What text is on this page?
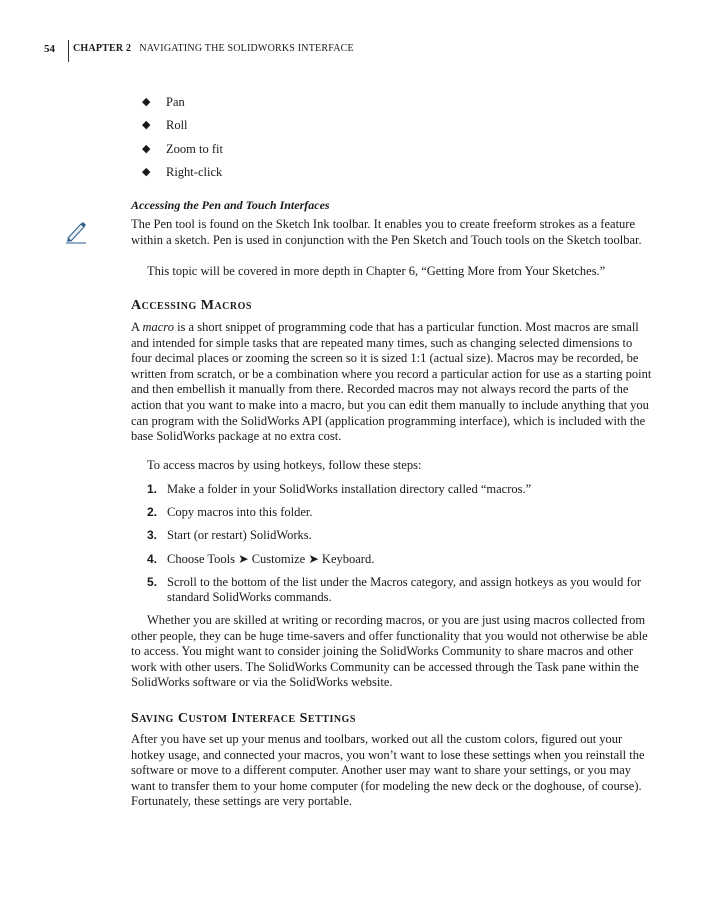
54 CHAPTER 2 NAVIGATING THE SOLIDWORKS INTERFACE
◆ Pan
◆ Roll
◆ Zoom to fit
◆ Right-click
Accessing the Pen and Touch Interfaces

The Pen tool is found on the Sketch Ink toolbar. It enables you to create freeform strokes as a feature within a sketch. Pen is used in conjunction with the Pen Sketch and Touch tools on the Sketch toolbar.

This topic will be covered in more depth in Chapter 6, “Getting More from Your Sketches.”

Accessing Macros

A macro is a short snippet of programming code that has a particular function. Most macros are small and intended for simple tasks that are repeated many times, such as changing selected dimensions to four decimal places or zooming the screen so it is sized 1:1 (actual size). Macros may be recorded, be written from scratch, or be a combination where you record a particular action for use as a starting point and then embellish it manually from there. Recorded macros may not always record the parts of the action that you want to make into a macro, but you can edit them manually to include anything that you can program with the SolidWorks API (application programming interface), which is included with the base SolidWorks package at no extra cost.

To access macros by using hotkeys, follow these steps:

1. Make a folder in your SolidWorks installation directory called “macros.”
2. Copy macros into this folder.
3. Start (or restart) SolidWorks.
4. Choose Tools ➤ Customize ➤ Keyboard.
5. Scroll to the bottom of the list under the Macros category, and assign hotkeys as you would for standard SolidWorks commands.

Whether you are skilled at writing or recording macros, or you are just using macros collected from other people, they can be huge time-savers and offer functionality that you would not otherwise be able to access. You might want to consider joining the SolidWorks Community to share macros and other work with other users. The SolidWorks Community can be accessed through the Task pane within the SolidWorks software or via the SolidWorks website.

Saving Custom Interface Settings

After you have set up your menus and toolbars, worked out all the custom colors, figured out your hotkey usage, and connected your macros, you won’t want to lose these settings when you reinstall the software or move to a different computer. Another user may want to share your settings, or you may want to transfer them to your home computer (for modeling the new deck or the doghouse, of course). Fortunately, these settings are very portable.
